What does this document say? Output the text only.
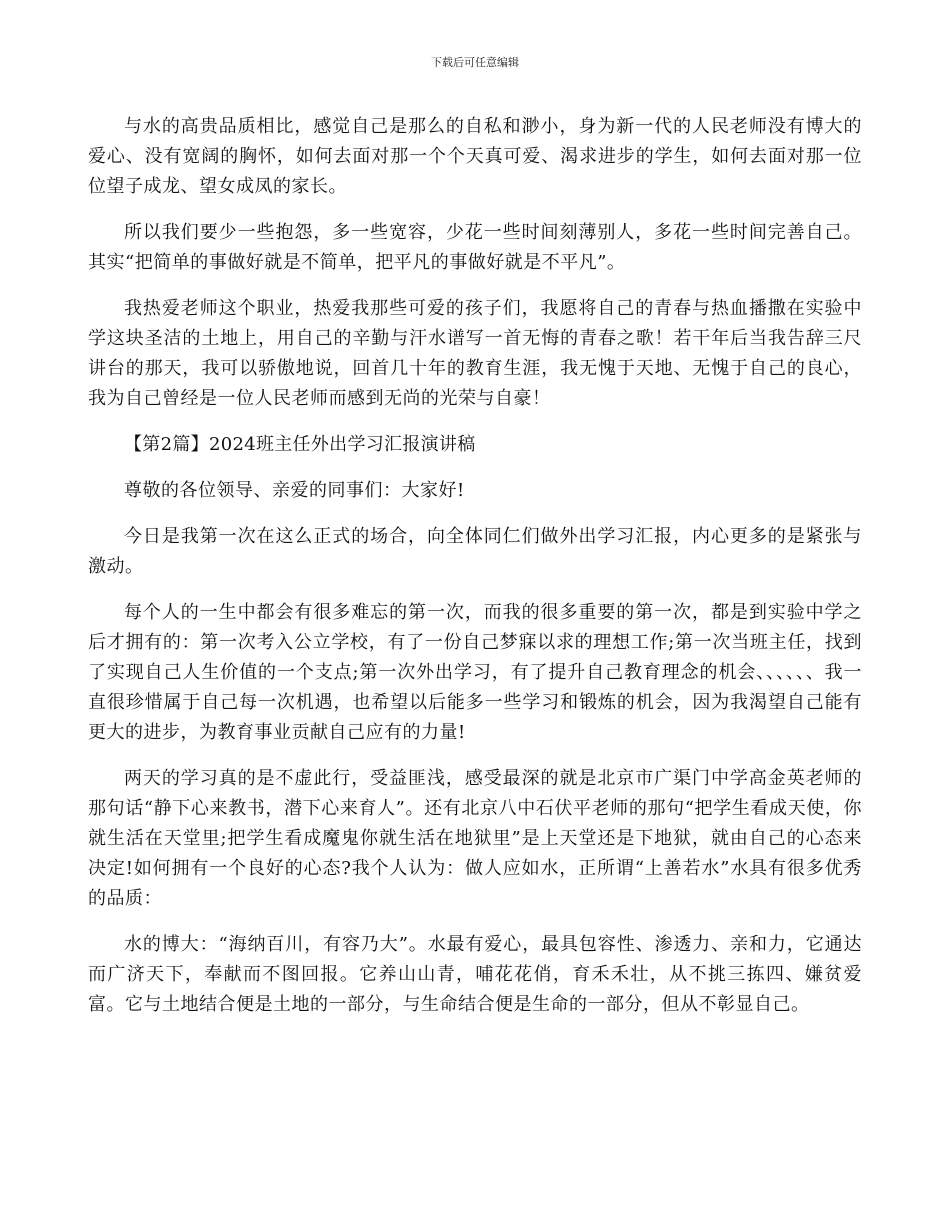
下载后可任意编辑

与水的高贵品质相比，感觉自己是那么的自私和渺小，身为新一代的人民老师没有博大的爱心、没有宽阔的胸怀，如何去面对那一个个天真可爱、渴求进步的学生，如何去面对那一位位望子成龙、望女成凤的家长。

所以我们要少一些抱怨，多一些宽容，少花一些时间刻薄别人，多花一些时间完善自己。其实“把简单的事做好就是不简单，把平凡的事做好就是不平凡”。

我热爱老师这个职业，热爱我那些可爱的孩子们，我愿将自己的青春与热血播撒在实验中学这块圣洁的土地上，用自己的辛勤与汗水谱写一首无悔的青春之歌！若干年后当我告辞三尺讲台的那天，我可以骄傲地说，回首几十年的教育生涯，我无愧于天地、无愧于自己的良心，我为自己曾经是一位人民老师而感到无尚的光荣与自豪！

【第2篇】2024班主任外出学习汇报演讲稿

尊敬的各位领导、亲爱的同事们：大家好!

今日是我第一次在这么正式的场合，向全体同仁们做外出学习汇报，内心更多的是紧张与激动。

每个人的一生中都会有很多难忘的第一次，而我的很多重要的第一次，都是到实验中学之后才拥有的：第一次考入公立学校，有了一份自己梦寐以求的理想工作;第一次当班主任，找到了实现自己人生价值的一个支点;第一次外出学习，有了提升自己教育理念的机会、、、、、、我一直很珍惜属于自己每一次机遇，也希望以后能多一些学习和锻炼的机会，因为我渴望自己能有更大的进步，为教育事业贡献自己应有的力量!

两天的学习真的是不虚此行，受益匪浅，感受最深的就是北京市广渠门中学高金英老师的那句话“静下心来教书，潜下心来育人”。还有北京八中石伏平老师的那句“把学生看成天使，你就生活在天堂里;把学生看成魔鬼你就生活在地狱里”是上天堂还是下地狱，就由自己的心态来决定!如何拥有一个良好的心态?我个人认为：做人应如水，正所谓“上善若水”水具有很多优秀的品质：

水的博大：“海纳百川，有容乃大”。水最有爱心，最具包容性、渗透力、亲和力，它通达而广济天下，奉献而不图回报。它养山山青，哺花花俏，育禾禾壮，从不挑三拣四、嫌贫爱富。它与土地结合便是土地的一部分，与生命结合便是生命的一部分，但从不彰显自己。
